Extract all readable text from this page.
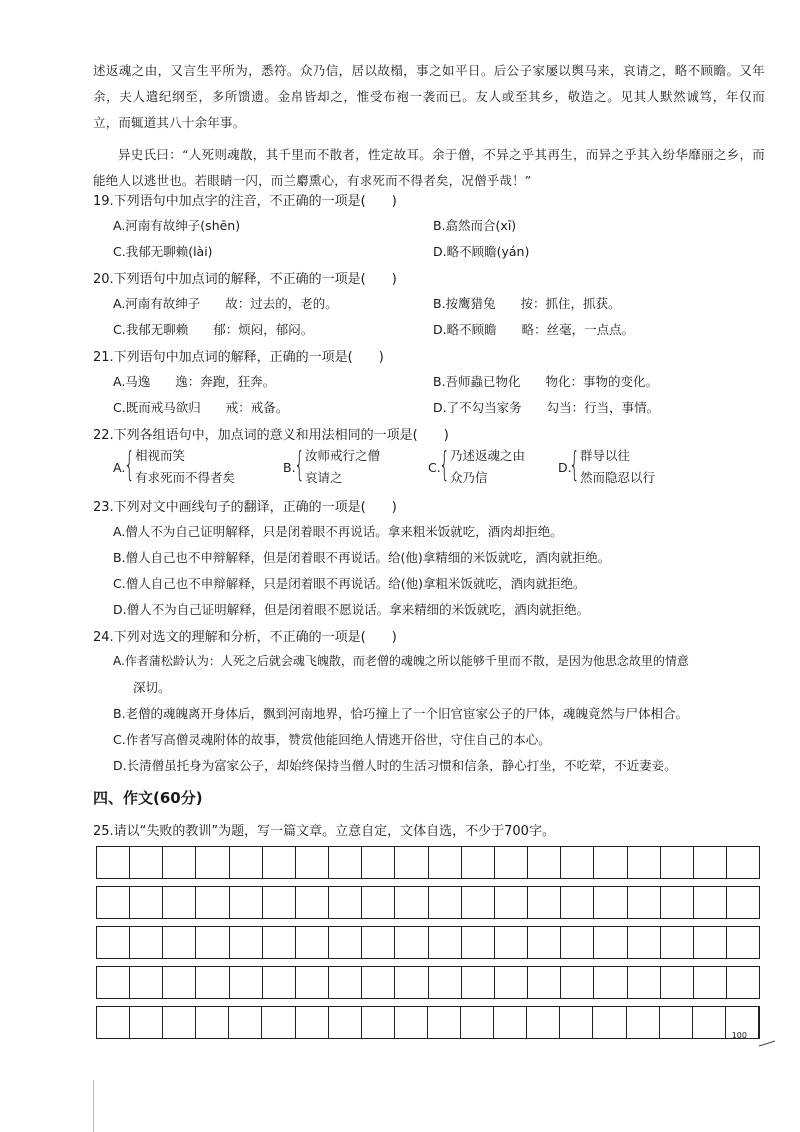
述返魂之由，又言生平所为，悉符。众乃信，居以故榻，事之如平日。后公子家屡以舆马来，哀请之，略不顾瞻。又年余，夫人遣纪纲至，多所馈遗。金帛皆却之，惟受布袍一袭而已。友人或至其乡，敬造之。见其人默然诚笃，年仅而立，而辄道其八十余年事。

异史氏曰：“人死则魂散，其千里而不散者，性定故耳。余于僧，不异之乎其再生，而异之乎其入纷华靡丽之乡，而能绝人以逃世也。若眼睛一闪，而兰麝熏心，有求死而不得者矣，况僧乎哉！”

19.下列语句中加点字的注音，不正确的一项是(　　)
A.河南有故绅子(shēn)	B.翕然而合(xī)
C.我郁无聊赖(lài)	D.略不顾瞻(yán)
20.下列语句中加点词的解释，不正确的一项是(　　)
A.河南有故绅子　　故：过去的，老的。	B.按鹰猎兔　　按：抓住，抓获。
C.我郁无聊赖　　郁：烦闷，郁闷。	D.略不顾瞻　　略：丝毫，一点点。
21.下列语句中加点词的解释，正确的一项是(　　)
A.马逸　　逸：奔跑，狂奔。	B.吾师蟲已物化　　物化：事物的变化。
C.既而戒马欲归　　戒：戒备。	D.了不勾当家务　　勾当：行当，事情。
22.下列各组语句中，加点词的意义和用法相同的一项是(　　)
A.
{ 相视而笑
有求死而不得者矣
B.
{ 汝师戒行之僧
哀请之
C.
{ 乃述返魂之由
众乃信
D.
{ 群导以往
然而隐忍以行
23.下列对文中画线句子的翻译，正确的一项是(　　)
A.僧人不为自己证明解释，只是闭着眼不再说话。拿来粗米饭就吃，酒肉却拒绝。
B.僧人自己也不申辩解释，但是闭着眼不再说话。给(他)拿精细的米饭就吃，酒肉就拒绝。
C.僧人自己也不申辩解释，只是闭着眼不再说话。给(他)拿粗米饭就吃，酒肉就拒绝。
D.僧人不为自己证明解释，但是闭着眼不愿说话。拿来精细的米饭就吃，酒肉就拒绝。
24.下列对选文的理解和分析，不正确的一项是(　　)
A.作者蒲松龄认为：人死之后就会魂飞魄散，而老僧的魂魄之所以能够千里而不散，是因为他思念故里的情意
深切。
B.老僧的魂魄离开身体后，飘到河南地界，恰巧撞上了一个旧官宦家公子的尸体，魂魄竟然与尸体相合。
C.作者写高僧灵魂附体的故事，赞赏他能回绝人情逃开俗世，守住自己的本心。
D.长清僧虽托身为富家公子，却始终保持当僧人时的生活习惯和信条，静心打坐，不吃荤，不近妻妾。
四、作文(60分)
25.请以“失败的教训”为题，写一篇文章。立意自定，文体自选，不少于700字。
100
